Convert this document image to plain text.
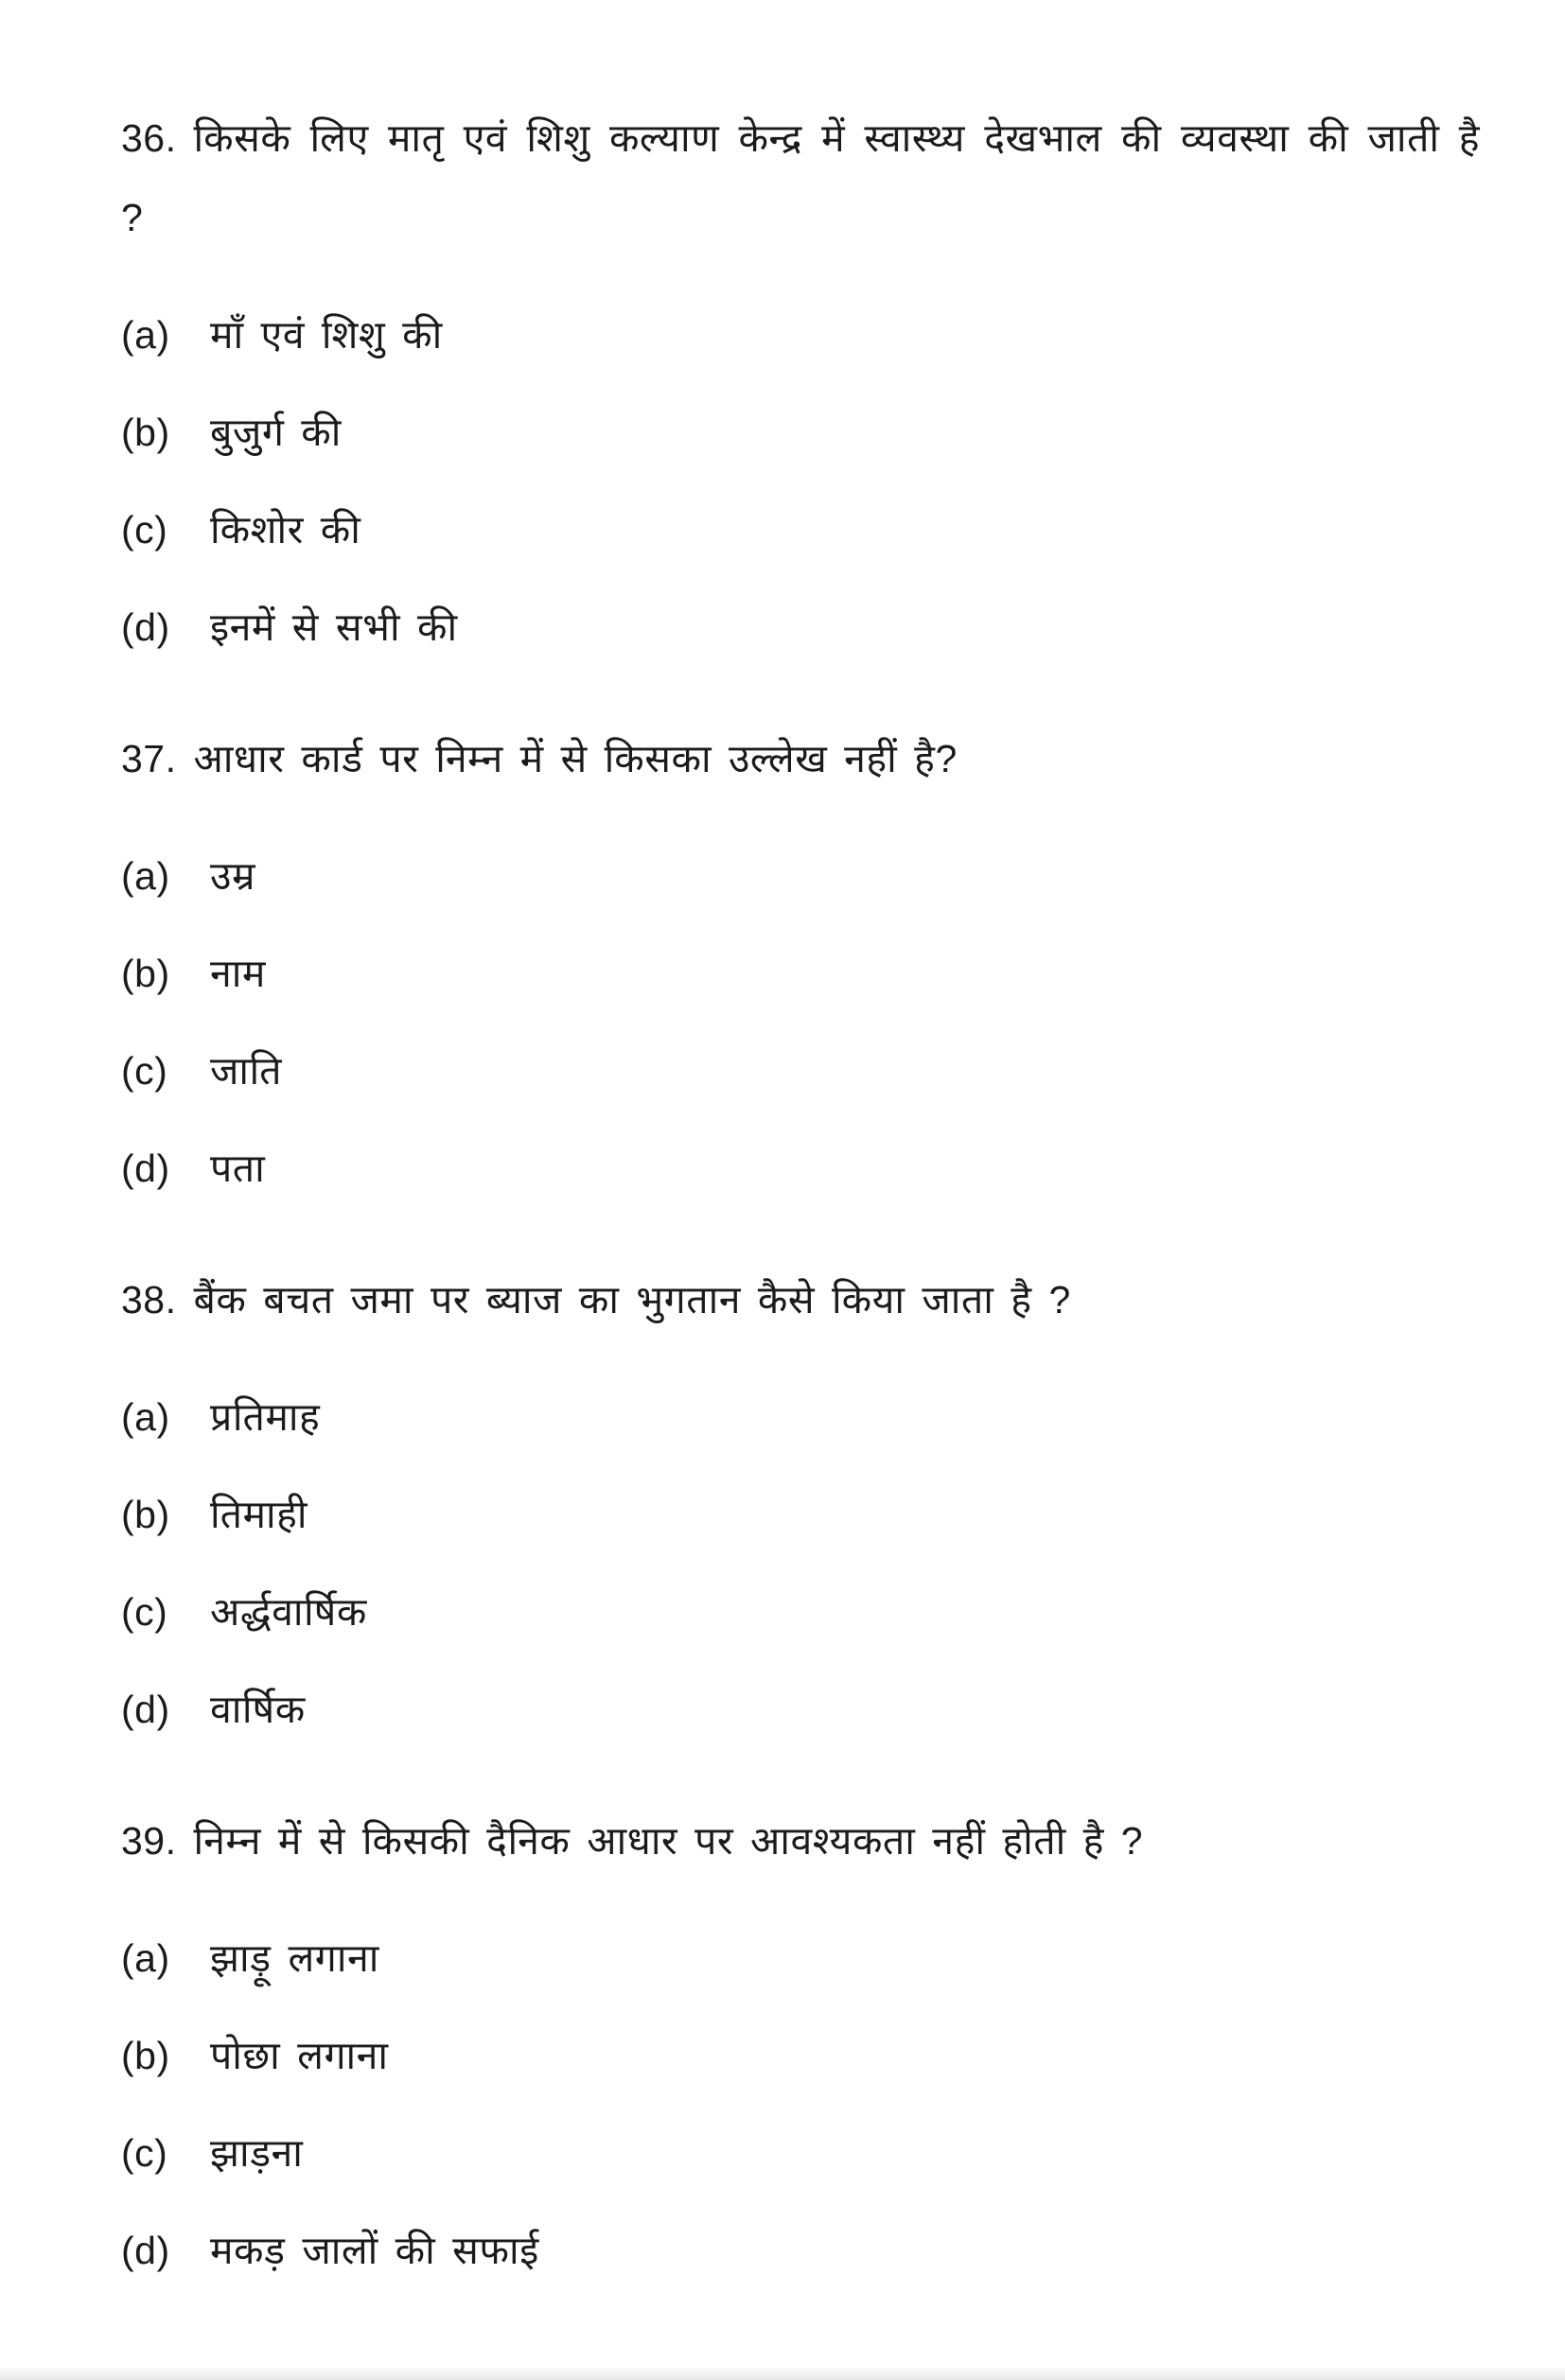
36. किसके लिए मातृ एवं शिशु कल्याण केन्द्र में स्वास्थ्य देखभाल की व्यवस्था की जाती है ?

(a)	माँ एवं शिशु की
(b)	बुजुर्ग की
(c)	किशोर की
(d)	इनमें से सभी की

37. आधार कार्ड पर निम्न में से किसका उल्लेख नहीं है?

(a)	उम्र
(b)	नाम
(c)	जाति
(d)	पता

38. बैंक बचत जमा पर ब्याज का भुगतान कैसे किया जाता है ?

(a)	प्रतिमाह
(b)	तिमाही
(c)	अर्द्धवार्षिक
(d)	वार्षिक

39. निम्न में से किसकी दैनिक आधार पर आवश्यकता नहीं होती है ?

(a)	झाड़ू लगाना
(b)	पोछा लगाना
(c)	झाड़ना
(d)	मकड़ जालों की सफाई
